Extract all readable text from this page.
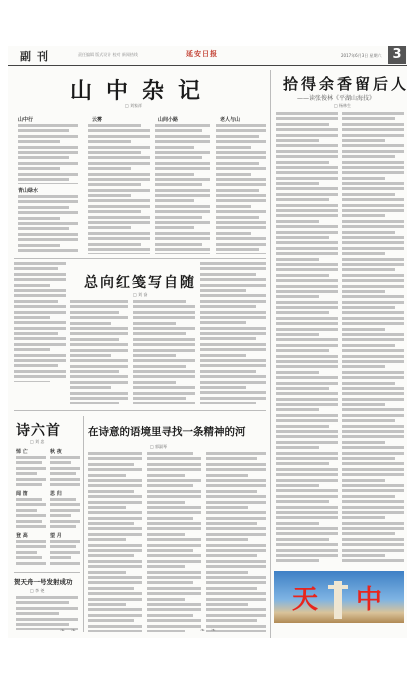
副刊	责任编辑 版式设计 校对 新闻热线	延安日报	2017年6月3日 星期六 3
山中杂记
□ 刘家祥
山中行
青山绿水
云雾	山间小路	老人与山
拾得余香留后人
——读张俊林《平湖山海技》
□ 杨林生
总向红笺写自随
□ 刘 奋
诗六首
□ 刘 忠
悼 亡
闻 笛
登 高
秋 夜
思 归
望 月
贺天舟一号发射成功
□ 李 尧
在诗意的语境里寻找一条精神的河
□ 郭淑琴
❧ ❧	❧ ❧
天 中
